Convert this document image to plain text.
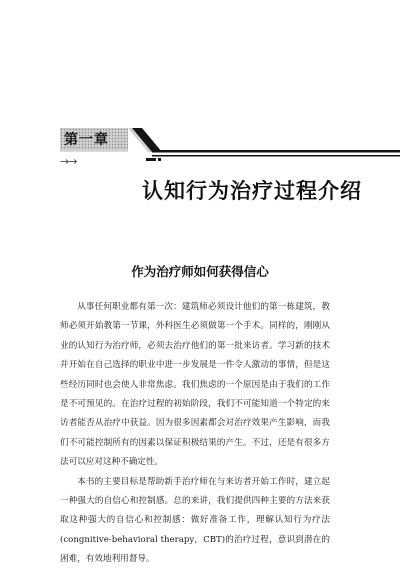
第一章
→→
认知行为治疗过程介绍
作为治疗师如何获得信心

从事任何职业都有第一次：建筑师必须设计他们的第一栋建筑，教师必须开始教第一节课，外科医生必须做第一个手术。同样的，刚刚从业的认知行为治疗师，必须去治疗他们的第一批来访者。学习新的技术并开始在自己选择的职业中进一步发展是一件令人激动的事情，但是这些经历同时也会使人非常焦虑。我们焦虑的一个原因是由于我们的工作是不可预见的。在治疗过程的初始阶段，我们不可能知道一个特定的来访者能否从治疗中获益。因为很多因素都会对治疗效果产生影响，而我们不可能控制所有的因素以保证积极结果的产生。不过，还是有很多方法可以应对这种不确定性。

本书的主要目标是帮助新手治疗师在与来访者开始工作时，建立起一种强大的自信心和控制感。总的来讲，我们提供四种主要的方法来获取这种强大的自信心和控制感：做好准备工作，理解认知行为疗法(congnitive-behavioral therapy，CBT)的治疗过程，意识到潜在的困难，有效地利用督导。
